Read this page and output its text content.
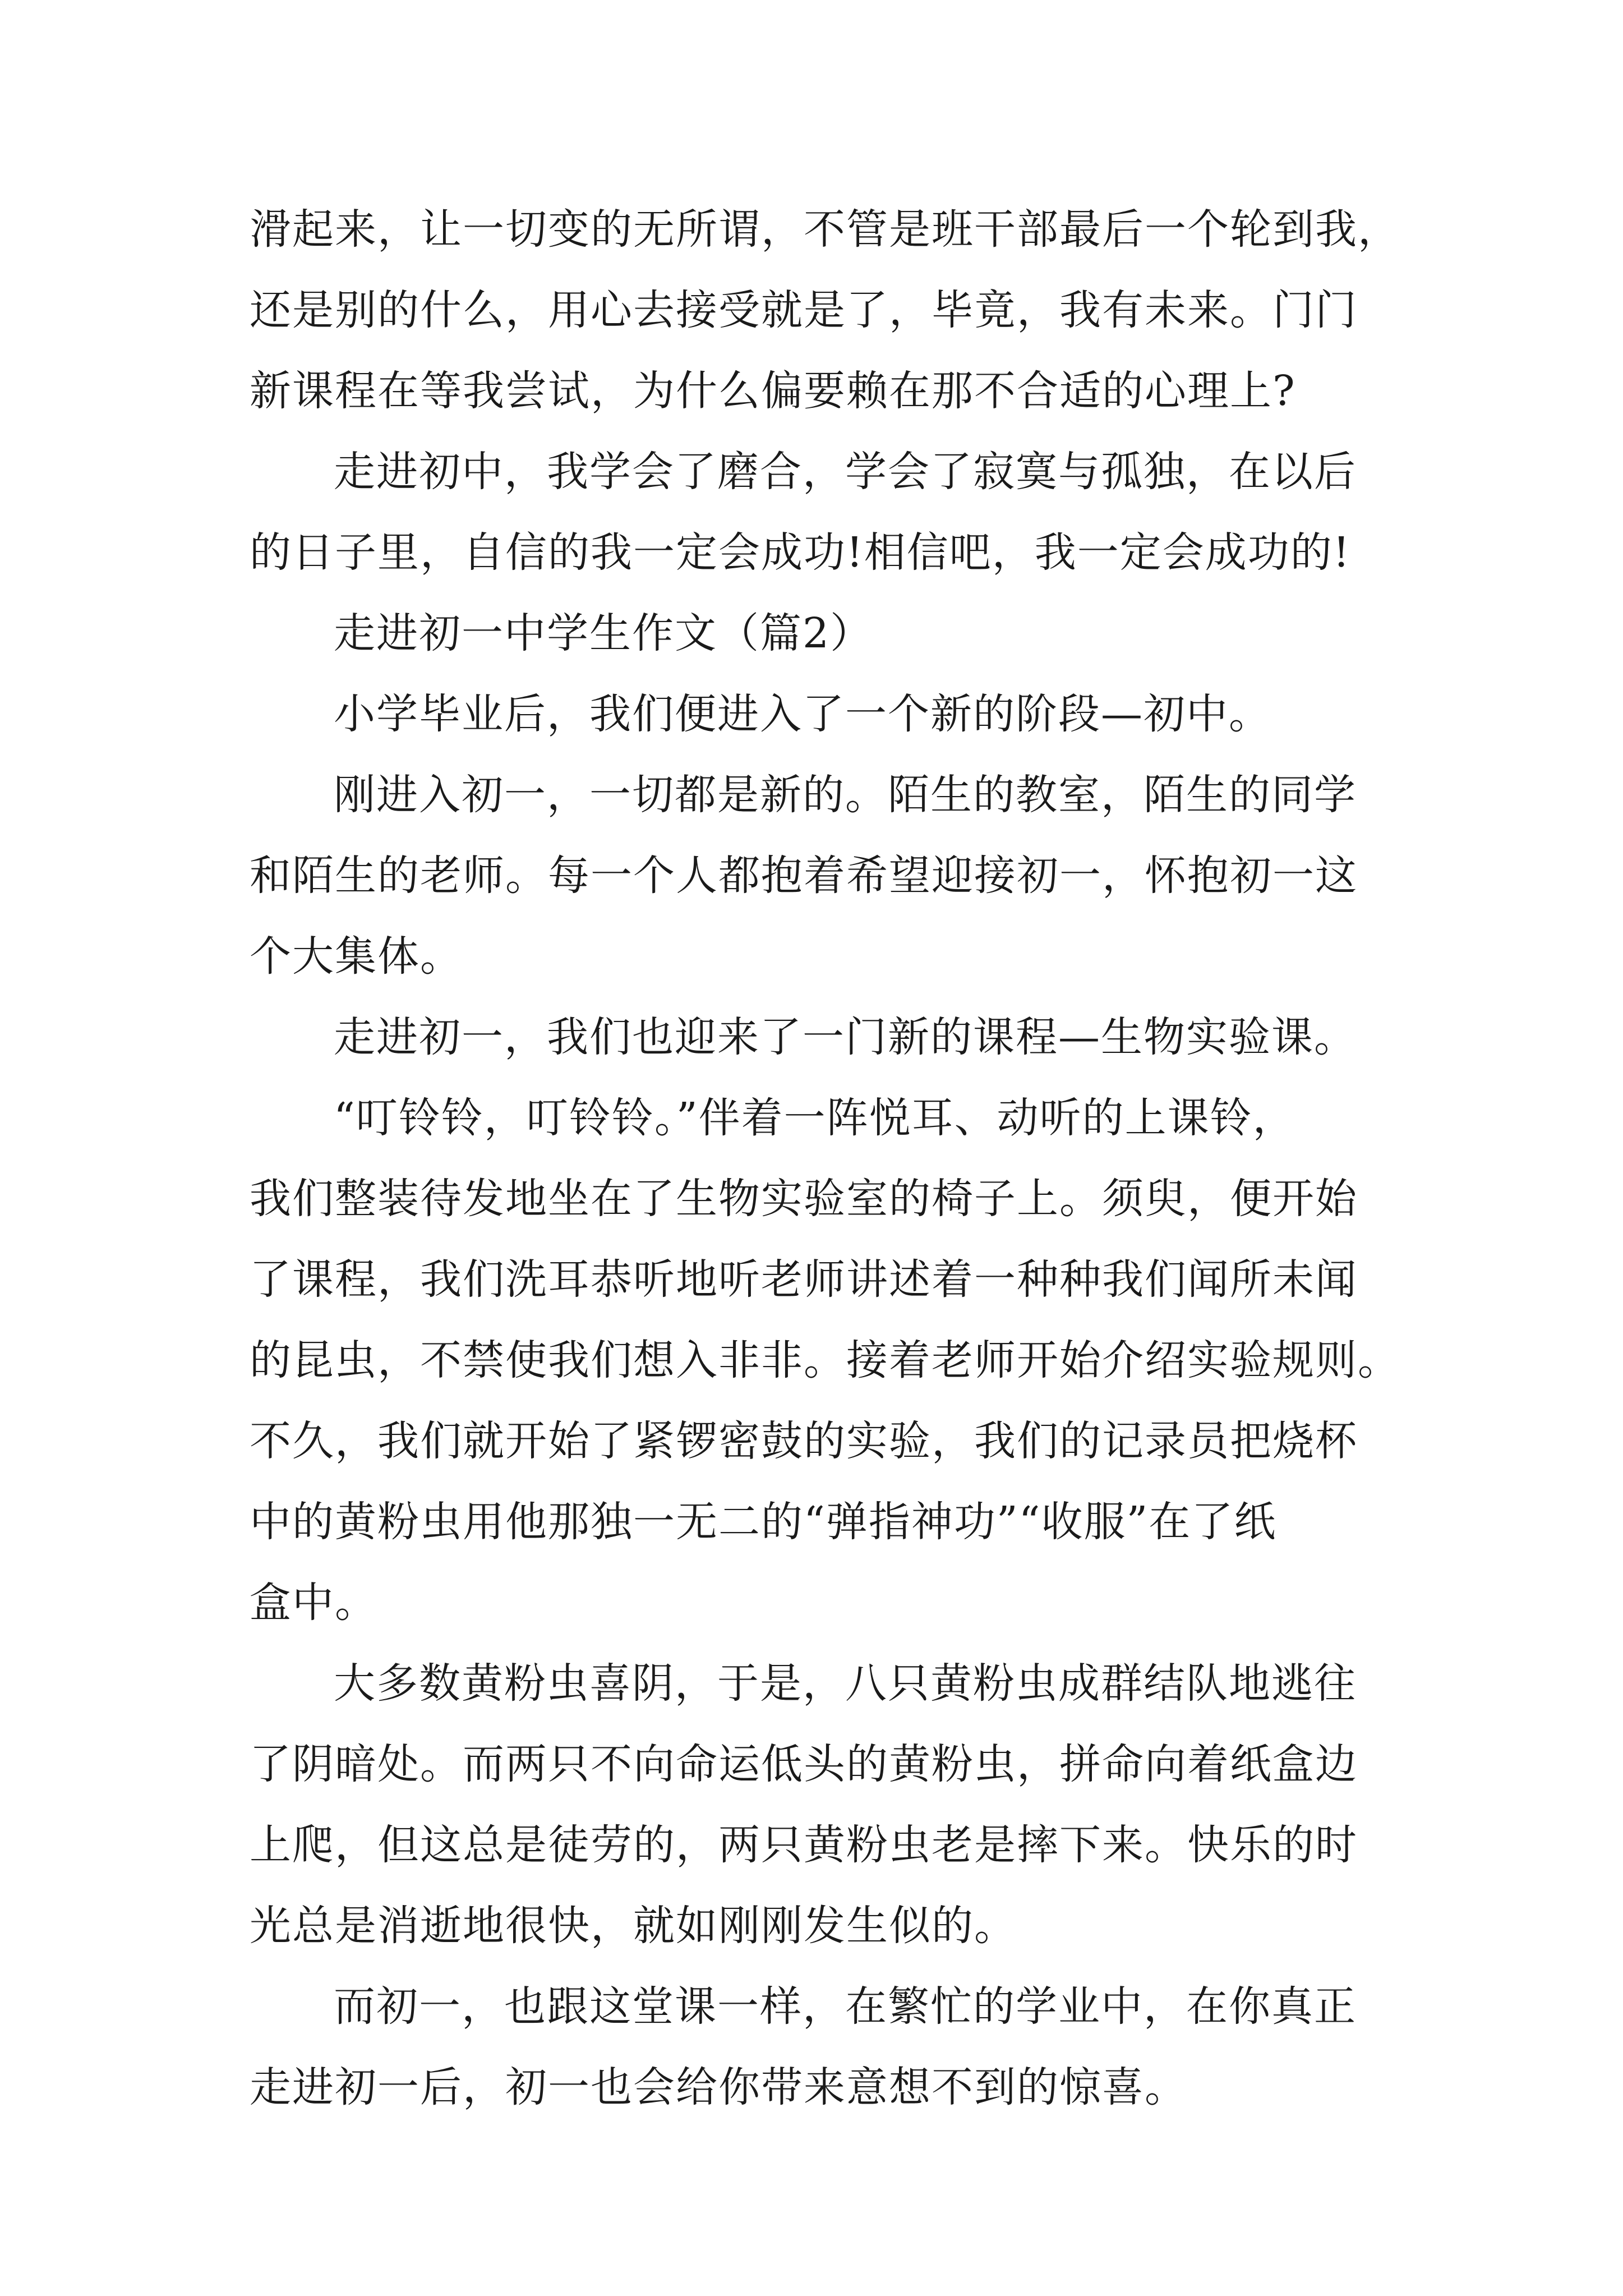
滑起来，让一切变的无所谓，不管是班干部最后一个轮到我，
还是别的什么，用心去接受就是了，毕竟，我有未来。门门
新课程在等我尝试，为什么偏要赖在那不合适的心理上?
走进初中，我学会了磨合，学会了寂寞与孤独，在以后
的日子里，自信的我一定会成功!相信吧，我一定会成功的!
走进初一中学生作文（篇2）
小学毕业后，我们便进入了一个新的阶段—初中。
刚进入初一，一切都是新的。陌生的教室，陌生的同学
和陌生的老师。每一个人都抱着希望迎接初一，怀抱初一这
个大集体。
走进初一，我们也迎来了一门新的课程—生物实验课。
“叮铃铃，叮铃铃。”伴着一阵悦耳、动听的上课铃，
我们整装待发地坐在了生物实验室的椅子上。须臾，便开始
了课程，我们洗耳恭听地听老师讲述着一种种我们闻所未闻
的昆虫，不禁使我们想入非非。接着老师开始介绍实验规则。
不久，我们就开始了紧锣密鼓的实验，我们的记录员把烧杯
中的黄粉虫用他那独一无二的“弹指神功”“收服”在了纸
盒中。
大多数黄粉虫喜阴，于是，八只黄粉虫成群结队地逃往
了阴暗处。而两只不向命运低头的黄粉虫，拼命向着纸盒边
上爬，但这总是徒劳的，两只黄粉虫老是摔下来。快乐的时
光总是消逝地很快，就如刚刚发生似的。
而初一，也跟这堂课一样，在繁忙的学业中，在你真正
走进初一后，初一也会给你带来意想不到的惊喜。
